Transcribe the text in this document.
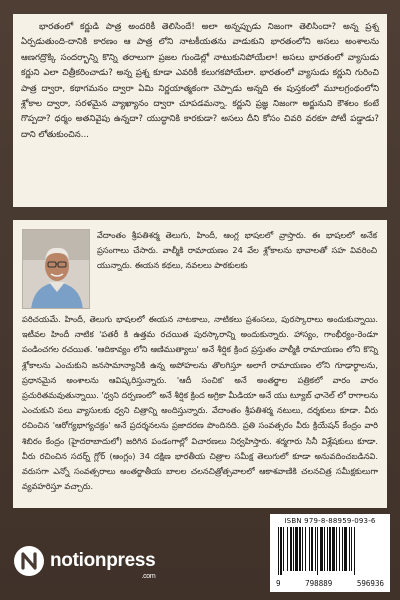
భారతంలో కర్ణుడి పాత్ర అందరికీ తెలిసిందే! అలా అన్నప్పుడు నిజంగా తెలిసిందా? అన్న ప్రశ్న ఏర్పడుతుంది-దానికి కారణం ఆ పాత్ర లోని నాటకీయతను వాడుకుని భారతంలోని అసలు అంశాలను ఆణగద్రొక్కి సందర్భాన్ని కొన్ని తరాలుగా ప్రజల గుండెల్లో నాటుకునిపోయేలా! అసలు భారతంలో వ్యాసుడు కర్ణుని ఎలా చిత్రీకరించాడు? అన్న ప్రశ్న కూడా ఎవరికీ కలుగకపోయేలా. భారతంలో వ్యాసుడు కర్ణుని గురించి పాత్ర ద్వారా, కథాగమనం ద్వారా ఏమి నిర్ణయాత్మకంగా చెప్పాడు అన్నది ఈ పుస్తకంలో మూలగ్రంథంలోని శ్లోకాల ద్వారా, సరళమైన వ్యాఖ్యానం ద్వారా చూపడమన్నా. కర్ణుని ప్రజ్ఞ నిజంగా అర్జునుని కౌశలం కంటే గొప్పదా? ధర్మం అతనివైపు ఉన్నదా? యుద్ధానికి కారకుడా? అసలు దీని కోసం చివరి వరకూ పోటీ పడ్డాడు? దాని లోతుకుంచిన...

వేదాంతం శ్రీపతిశర్మ తెలుగు, హిందీ, ఆంగ్ల భాషలలో వ్రాస్తారు. ఈ భాషలలో అనేక ప్రసంగాలు చేసారు. వాల్మీకి రామాయణం 24 వేల శ్లోకాలను భావాలతో సహ వివరించి యున్నారు. ఈయన కథలు, నవలలు పాఠకులకు

పరిచయమే. హిందీ, తెలుగు భాషలలో ఈయన నాటకాలు, నాటికలు ప్రశంసలు, పురస్కారాలు అందుకున్నాయి. ఇటీవల హిందీ నాటిక 'పతరీ కి ఉత్తమ రచయిత పురస్కారాన్ని అందుకున్నారు. హాస్యం, గాంభీర్యం-రెండూ పండించగల రచయిత. 'ఆదికావ్యం లోని ఆణిముత్యాలు' అనే శీర్షిక క్రింద ప్రస్తుతం వాల్మీకి రామాయణం లోని కొన్ని శ్లోకాలను ఎంచుకుని జనసామాన్యానికి ఉన్న అపోహలను తొలగిస్తూ అలాగే రామాయణం లోని గూఢార్థాలను, ప్రధానమైన అంశాలను ఆవిష్కరిస్తున్నారు. 'ఆదీ సంచిక' అనే అంతర్జాల పత్రికలో వారం వారం ప్రచురితమవుతున్నాయి. 'ధ్వని దర్పణంలో' అనే శీర్షిక క్రింద అగ్రికా మీడియా అనే యు ట్యూబ్ ఛానెల్ లో రాగాలను ఎంచుకుని పలు వ్యాసులకు ధ్వని చిత్రాన్ని అందిస్తున్నారు. వేదాంతం శ్రీపతిశర్మ నటులు, దర్శకులు కూడా. వీరు రచించిన 'ఆరోగ్యభాగ్యచక్రం' అనే ప్రదర్శనలను ప్రజాదరణ పొందినది. ప్రతి సంవత్సరం వీరు క్రియేషన్ కేంద్రం వారి శిబిరం కేంద్రం (హైదరాబాదులో) జరిగిన పండంగాల్లో విచారణలు నిర్వహిస్తారు. శర్మగారు సినీ విశ్లేషకులు కూడా. వీరు రచించిన సదర్న్ గ్లోర్ (ఆంగ్లం) 34 దక్షిణ భారతీయ చిత్రాల సమీక్ష తెలుగులో కూడా అనువదించబడినవి. వరుసగా ఎన్నో సంవత్సరాలు అంతర్జాతీయ బాలల చలనచిత్రోత్సవాలలో ఆకాశవాణికి చలనచిత్ర సమీక్షకులుగా వ్యవహరిస్తూ వచ్చారు.

notionpress
.com
ISBN 979-8-88959-093-6
9	798889	596936
